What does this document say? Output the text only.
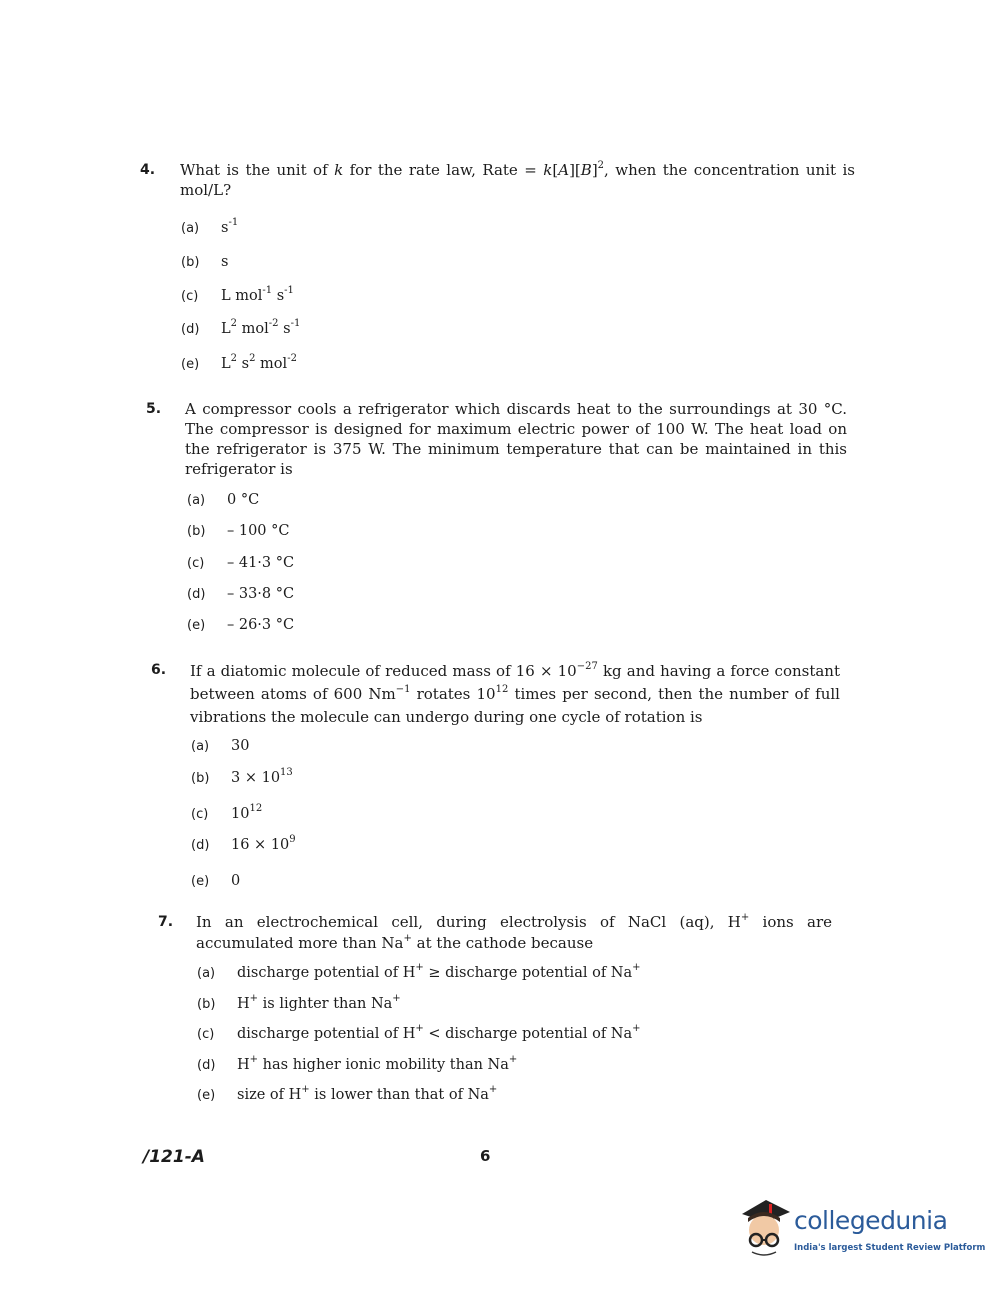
4. What is the unit of k for the rate law, Rate = $k[A][B]^2$, when the concentration unit is mol/L?
(a) $s^{-1}$
(b) s
(c) L mol$^{-1}$ $s^{-1}$
(d) $L^2$ mol$^{-2}$ $s^{-1}$
(e) $L^2$ $s^2$ mol$^{-2}$
5. A compressor cools a refrigerator which discards heat to the surroundings at 30 °C. The compressor is designed for maximum electric power of 100 W. The heat load on the refrigerator is 375 W. The minimum temperature that can be maintained in this refrigerator is
(a) 0 °C
(b) – 100 °C
(c) – 41·3 °C
(d) – 33·8 °C
(e) – 26·3 °C
6. If a diatomic molecule of reduced mass of $16 \times 10^{-27}$ kg and having a force constant between atoms of 600 $Nm^{-1}$ rotates $10^{12}$ times per second, then the number of full vibrations the molecule can undergo during one cycle of rotation is
(a) 30
(b) $3 \times 10^{13}$
(c) $10^{12}$
(d) $16 \times 10^9$
(e) 0
7. In an electrochemical cell, during electrolysis of NaCl (aq), H+ ions are accumulated more than Na+ at the cathode because
(a) discharge potential of H+ ≥ discharge potential of Na+
(b) H+ is lighter than Na+
(c) discharge potential of H+ < discharge potential of Na+
(d) H+ has higher ionic mobility than Na+
(e) size of H+ is lower than that of Na+
/121-A	6
collegedunia
India's largest Student Review Platform
